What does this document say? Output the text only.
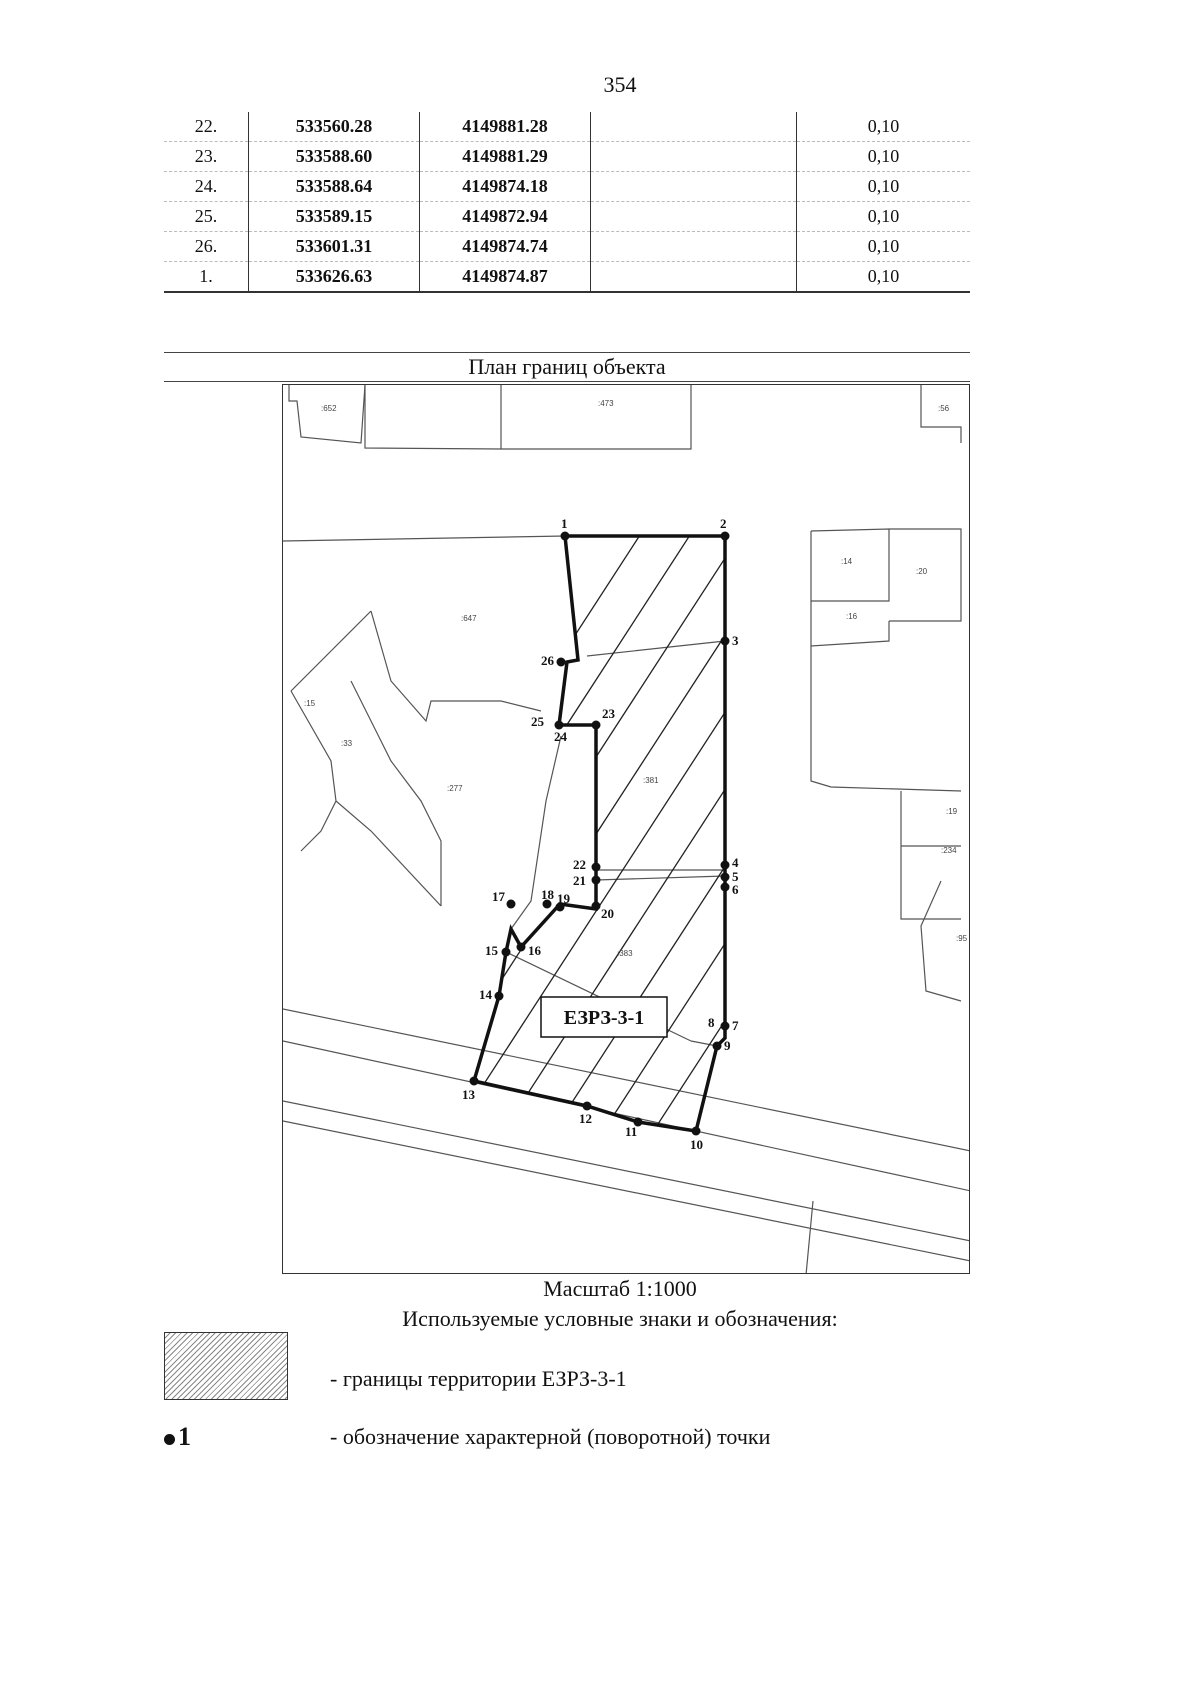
354
22.	533560.28	4149881.28		0,10
23.	533588.60	4149881.29		0,10
24.	533588.64	4149874.18		0,10
25.	533589.15	4149872.94		0,10
26.	533601.31	4149874.74		0,10
1.	533626.63	4149874.87		0,10
План границ объекта
:652
:473
:56
:647
:14
:20
:16
:15
:33
:277
:381
:19
:234
:383
:95
1	2
3
4
5
6
7
8
9
10
11
12
13
14
15 16
17	18 19
20
21
22
23
24
25
26
ЕЗРЗ-3-1
Масштаб 1:1000
Используемые условные знаки и обозначения:
- границы территории ЕЗРЗ-3-1
1	- обозначение характерной (поворотной) точки
